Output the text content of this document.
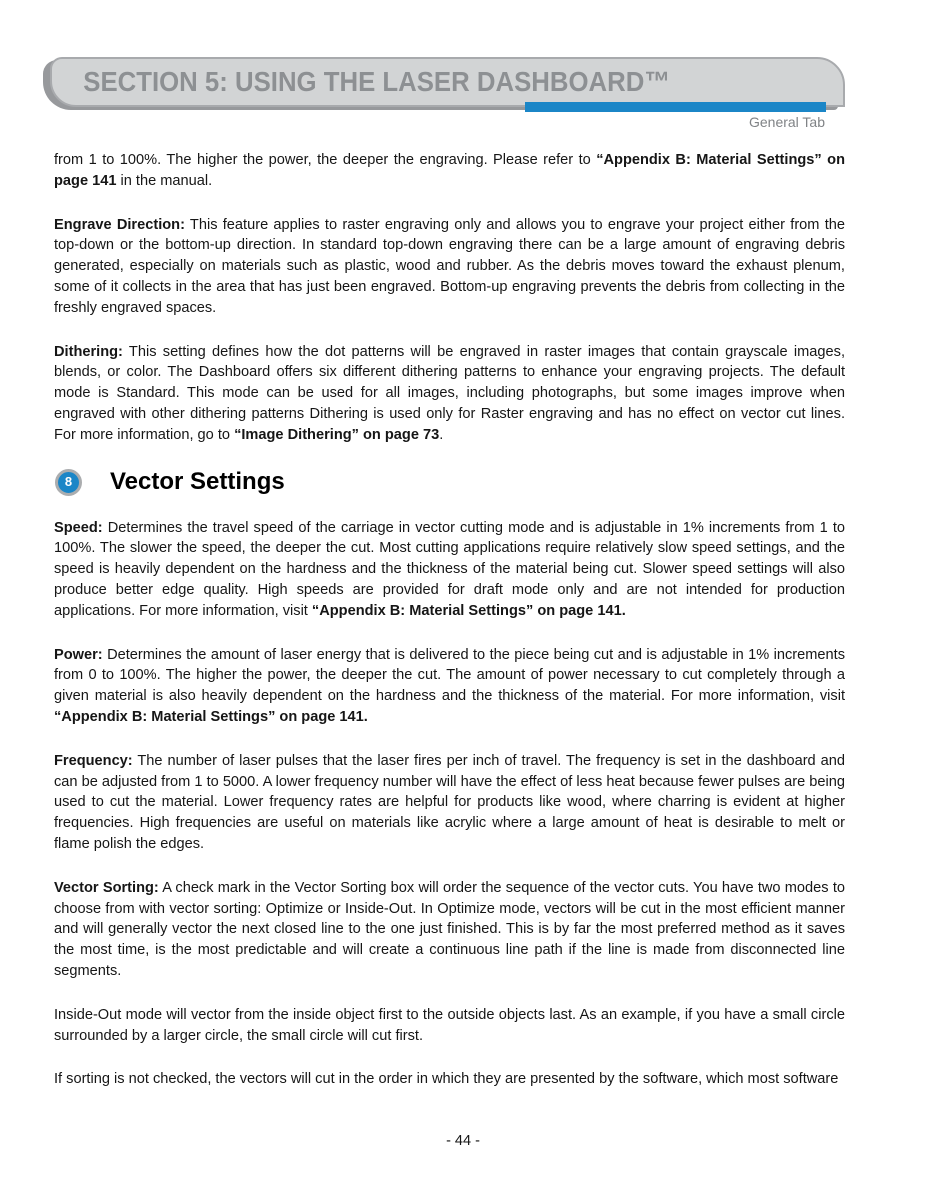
SECTION 5: USING THE LASER DASHBOARD™
General Tab

from 1 to 100%. The higher the power, the deeper the engraving. Please refer to “Appendix B: Material Settings” on page 141 in the manual.

Engrave Direction: This feature applies to raster engraving only and allows you to engrave your project either from the top-down or the bottom-up direction. In standard top-down engraving there can be a large amount of engraving debris generated, especially on materials such as plastic, wood and rubber. As the debris moves toward the exhaust plenum, some of it collects in the area that has just been engraved. Bottom-up engraving prevents the debris from collecting in the freshly engraved spaces.

Dithering: This setting defines how the dot patterns will be engraved in raster images that contain grayscale images, blends, or color. The Dashboard offers six different dithering patterns to enhance your engraving projects. The default mode is Standard. This mode can be used for all images, including photographs, but some images improve when engraved with other dithering patterns Dithering is used only for Raster engraving and has no effect on vector cut lines. For more information, go to “Image Dithering” on page 73.

8	Vector Settings

Speed: Determines the travel speed of the carriage in vector cutting mode and is adjustable in 1% increments from 1 to 100%. The slower the speed, the deeper the cut. Most cutting applications require relatively slow speed settings, and the speed is heavily dependent on the hardness and the thickness of the material being cut. Slower speed settings will also produce better edge quality. High speeds are provided for draft mode only and are not intended for production applications. For more information, visit “Appendix B: Material Settings” on page 141.

Power: Determines the amount of laser energy that is delivered to the piece being cut and is adjustable in 1% increments from 0 to 100%. The higher the power, the deeper the cut. The amount of power necessary to cut completely through a given material is also heavily dependent on the hardness and the thickness of the material. For more information, visit “Appendix B: Material Settings” on page 141.

Frequency: The number of laser pulses that the laser fires per inch of travel. The frequency is set in the dashboard and can be adjusted from 1 to 5000. A lower frequency number will have the effect of less heat because fewer pulses are being used to cut the material. Lower frequency rates are helpful for products like wood, where charring is evident at higher frequencies. High frequencies are useful on materials like acrylic where a large amount of heat is desirable to melt or flame polish the edges.

Vector Sorting: A check mark in the Vector Sorting box will order the sequence of the vector cuts. You have two modes to choose from with vector sorting: Optimize or Inside-Out. In Optimize mode, vectors will be cut in the most efficient manner and will generally vector the next closed line to the one just finished. This is by far the most preferred method as it saves the most time, is the most predictable and will create a continuous line path if the line is made from disconnected line segments.

Inside-Out mode will vector from the inside object first to the outside objects last. As an example, if you have a small circle surrounded by a larger circle, the small circle will cut first.

If sorting is not checked, the vectors will cut in the order in which they are presented by the software, which most software

- 44 -
